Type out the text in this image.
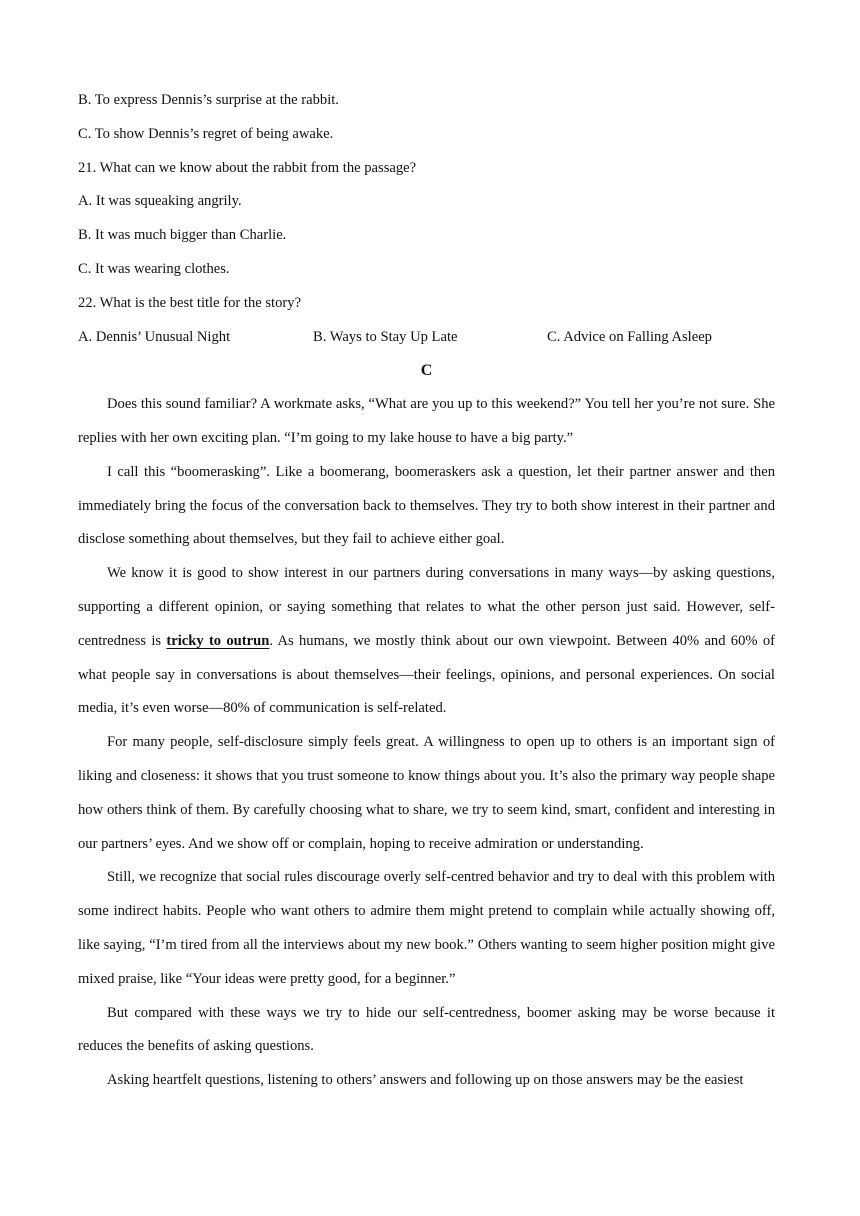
B. To express Dennis’s surprise at the rabbit.
C. To show Dennis’s regret of being awake.
21. What can we know about the rabbit from the passage?
A. It was squeaking angrily.
B. It was much bigger than Charlie.
C. It was wearing clothes.
22. What is the best title for the story?
A. Dennis’ Unusual Night	B. Ways to Stay Up Late	C. Advice on Falling Asleep
C

Does this sound familiar? A workmate asks, “What are you up to this weekend?” You tell her you’re not sure. She replies with her own exciting plan. “I’m going to my lake house to have a big party.”

I call this “boomerasking”. Like a boomerang, boomeraskers ask a question, let their partner answer and then immediately bring the focus of the conversation back to themselves. They try to both show interest in their partner and disclose something about themselves, but they fail to achieve either goal.

We know it is good to show interest in our partners during conversations in many ways—by asking questions, supporting a different opinion, or saying something that relates to what the other person just said. However, self-centredness is tricky to outrun. As humans, we mostly think about our own viewpoint. Between 40% and 60% of what people say in conversations is about themselves—their feelings, opinions, and personal experiences. On social media, it’s even worse—80% of communication is self-related.

For many people, self-disclosure simply feels great. A willingness to open up to others is an important sign of liking and closeness: it shows that you trust someone to know things about you. It’s also the primary way people shape how others think of them. By carefully choosing what to share, we try to seem kind, smart, confident and interesting in our partners’ eyes. And we show off or complain, hoping to receive admiration or understanding.

Still, we recognize that social rules discourage overly self-centred behavior and try to deal with this problem with some indirect habits. People who want others to admire them might pretend to complain while actually showing off, like saying, “I’m tired from all the interviews about my new book.” Others wanting to seem higher position might give mixed praise, like “Your ideas were pretty good, for a beginner.”

But compared with these ways we try to hide our self-centredness, boomer asking may be worse because it reduces the benefits of asking questions.

Asking heartfelt questions, listening to others’ answers and following up on those answers may be the easiest
